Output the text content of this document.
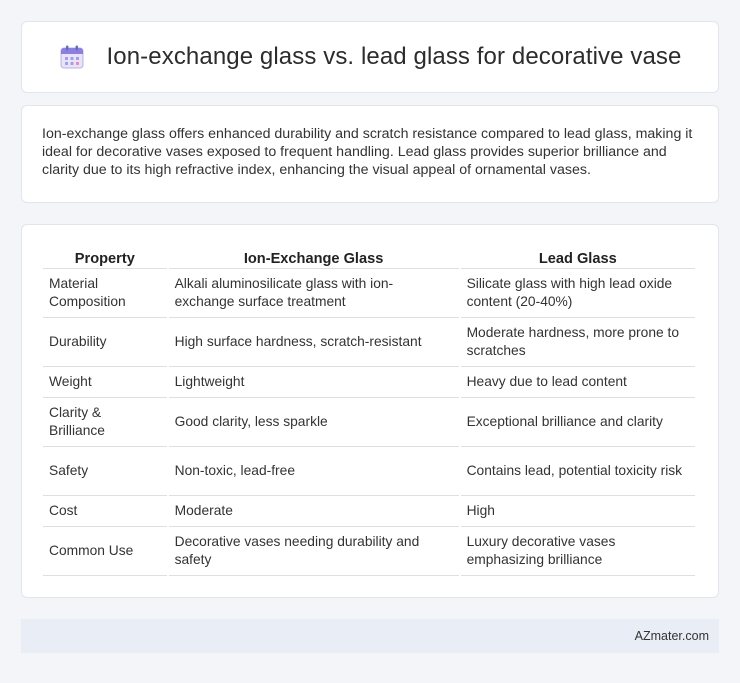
Ion-exchange glass vs. lead glass for decorative vase

Ion-exchange glass offers enhanced durability and scratch resistance compared to lead glass, making it ideal for decorative vases exposed to frequent handling. Lead glass provides superior brilliance and clarity due to its high refractive index, enhancing the visual appeal of ornamental vases.

Property	Ion-Exchange Glass	Lead Glass
Material Composition	Alkali aluminosilicate glass with ion-exchange surface treatment	Silicate glass with high lead oxide content (20-40%)
Durability	High surface hardness, scratch-resistant	Moderate hardness, more prone to scratches
Weight	Lightweight	Heavy due to lead content
Clarity & Brilliance	Good clarity, less sparkle	Exceptional brilliance and clarity
Safety	Non-toxic, lead-free	Contains lead, potential toxicity risk
Cost	Moderate	High
Common Use	Decorative vases needing durability and safety	Luxury decorative vases emphasizing brilliance
AZmater.com
